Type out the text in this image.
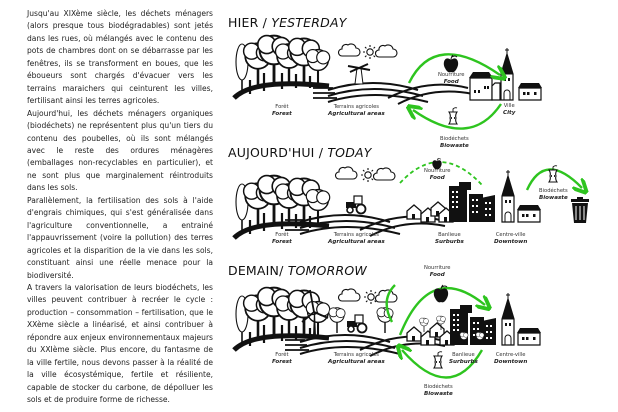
Jusqu'au XIXème siècle, les déchets ménagers (alors presque tous biodégradables) sont jetés dans les rues, où mélangés avec le contenu des pots de chambres dont on se débarrasse par les fenêtres, ils se transforment en boues, que les éboueurs sont chargés d'évacuer vers les terrains maraichers qui ceinturent les villes, fertilisant ainsi les terres agricoles.

Aujourd'hui, les déchets ménagers organiques (biodéchets) ne représentent plus qu'un tiers du contenu des poubelles, où ils sont mélangés avec le reste des ordures ménagères (emballages non-recyclables en particulier), et ne sont plus que marginalement réintroduits dans les sols.

Parallèlement, la fertilisation des sols à l'aide d'engrais chimiques, qui s'est généralisée dans l'agriculture conventionnelle, a entrainé l'appauvrissement (voire la pollution) des terres agricoles et la disparition de la vie dans les sols, constituant ainsi une réelle menace pour la biodiversité.

A travers la valorisation de leurs biodéchets, les villes peuvent contribuer à recréer le cycle : production – consommation – fertilisation, que le XXème siècle a linéarisé, et ainsi contribuer à répondre aux enjeux environnementaux majeurs du XXIème siècle. Plus encore, du fantasme de la ville fertile, nous devons passer à la réalité de la ville écosystémique, fertile et résiliente, capable de stocker du carbone, de dépolluer les sols et de produire forme de richesse.

HIER / YESTERDAY
AUJOURD'HUI / TODAY
DEMAIN/ TOMORROW
Forêt
Forest
Terrains agricoles
Agricultural areas
Nourriture
Food
Biodéchets
Biowaste
Ville
City
Forêt
Forest
Terrains agricoles
Agricultural areas
Nourriture
Food
Banlieue
Surburbs
Centre-ville
Downtown
Biodéchets
Biowaste
Forêt
Forest
Terrains agricoles
Agricultural areas
Nourriture
Food
Banlieue
Surburbs
Centre-ville
Downtown
Biodéchets
Biowaste
